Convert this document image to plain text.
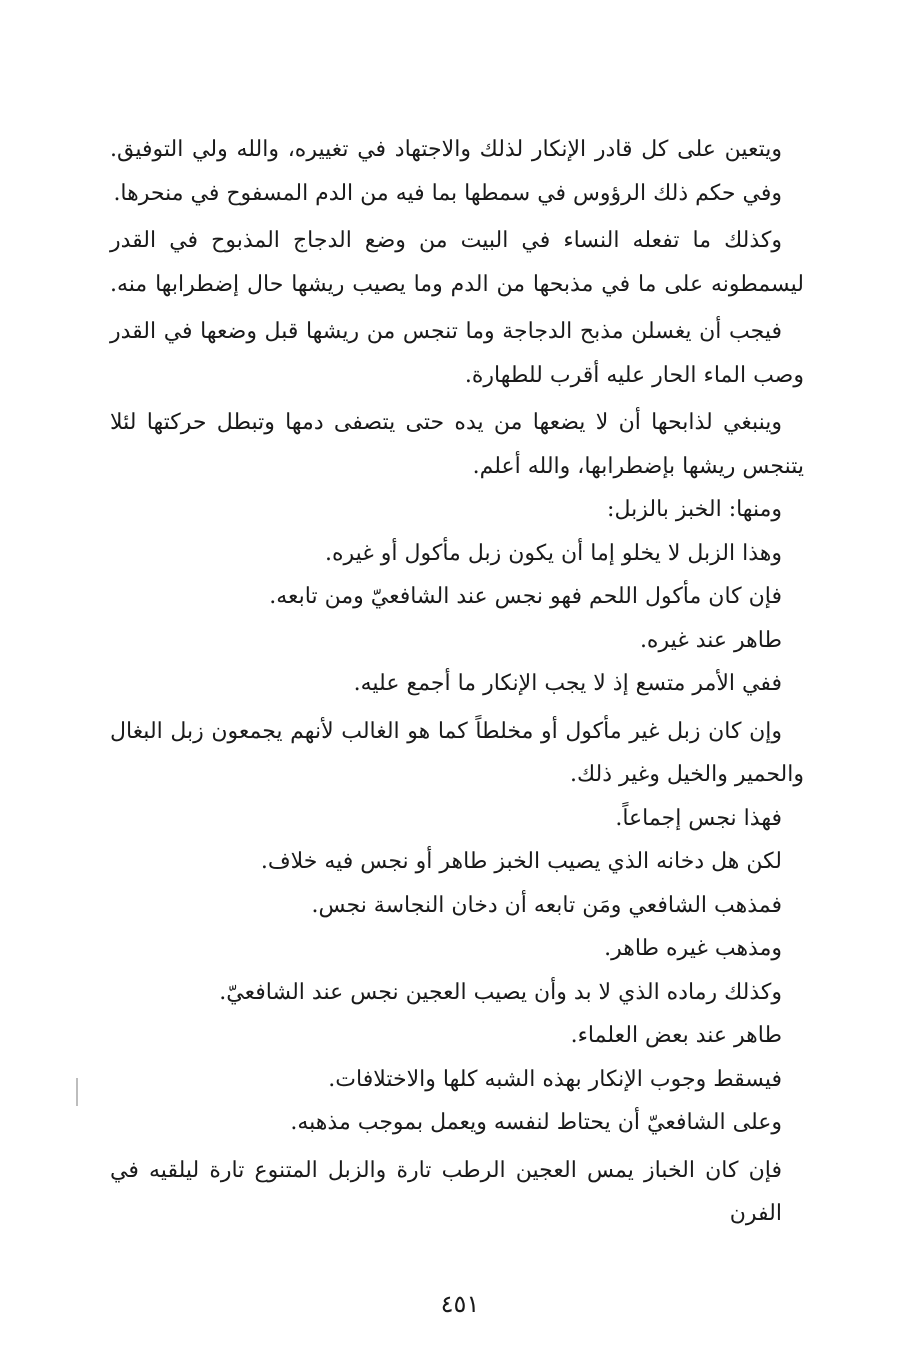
ويتعين على كل قادر الإنكار لذلك والاجتهاد في تغييره، والله ولي التوفيق.
وفي حكم ذلك الرؤوس في سمطها بما فيه من الدم المسفوح في منحرها.
وكذلك ما تفعله النساء في البيت من وضع الدجاج المذبوح في القدر
ليسمطونه على ما في مذبحها من الدم وما يصيب ريشها حال إضطرابها منه.
فيجب أن يغسلن مذبح الدجاجة وما تنجس من ريشها قبل وضعها في القدر
وصب الماء الحار عليه أقرب للطهارة.
وينبغي لذابحها أن لا يضعها من يده حتى يتصفى دمها وتبطل حركتها لئلا
يتنجس ريشها بإضطرابها، والله أعلم.
ومنها: الخبز بالزبل:
وهذا الزبل لا يخلو إما أن يكون زبل مأكول أو غيره.
فإن كان مأكول اللحم فهو نجس عند الشافعيّ ومن تابعه.
طاهر عند غيره.
ففي الأمر متسع إذ لا يجب الإنكار ما أجمع عليه.
وإن كان زبل غير مأكول أو مخلطاً كما هو الغالب لأنهم يجمعون زبل البغال
والحمير والخيل وغير ذلك.
فهذا نجس إجماعاً.
لكن هل دخانه الذي يصيب الخبز طاهر أو نجس فيه خلاف.
فمذهب الشافعي ومَن تابعه أن دخان النجاسة نجس.
ومذهب غيره طاهر.
وكذلك رماده الذي لا بد وأن يصيب العجين نجس عند الشافعيّ.
طاهر عند بعض العلماء.
فيسقط وجوب الإنكار بهذه الشبه كلها والاختلافات.
وعلى الشافعيّ أن يحتاط لنفسه ويعمل بموجب مذهبه.
فإن كان الخباز يمس العجين الرطب تارة والزبل المتنوع تارة ليلقيه في الفرن
٤٥١
